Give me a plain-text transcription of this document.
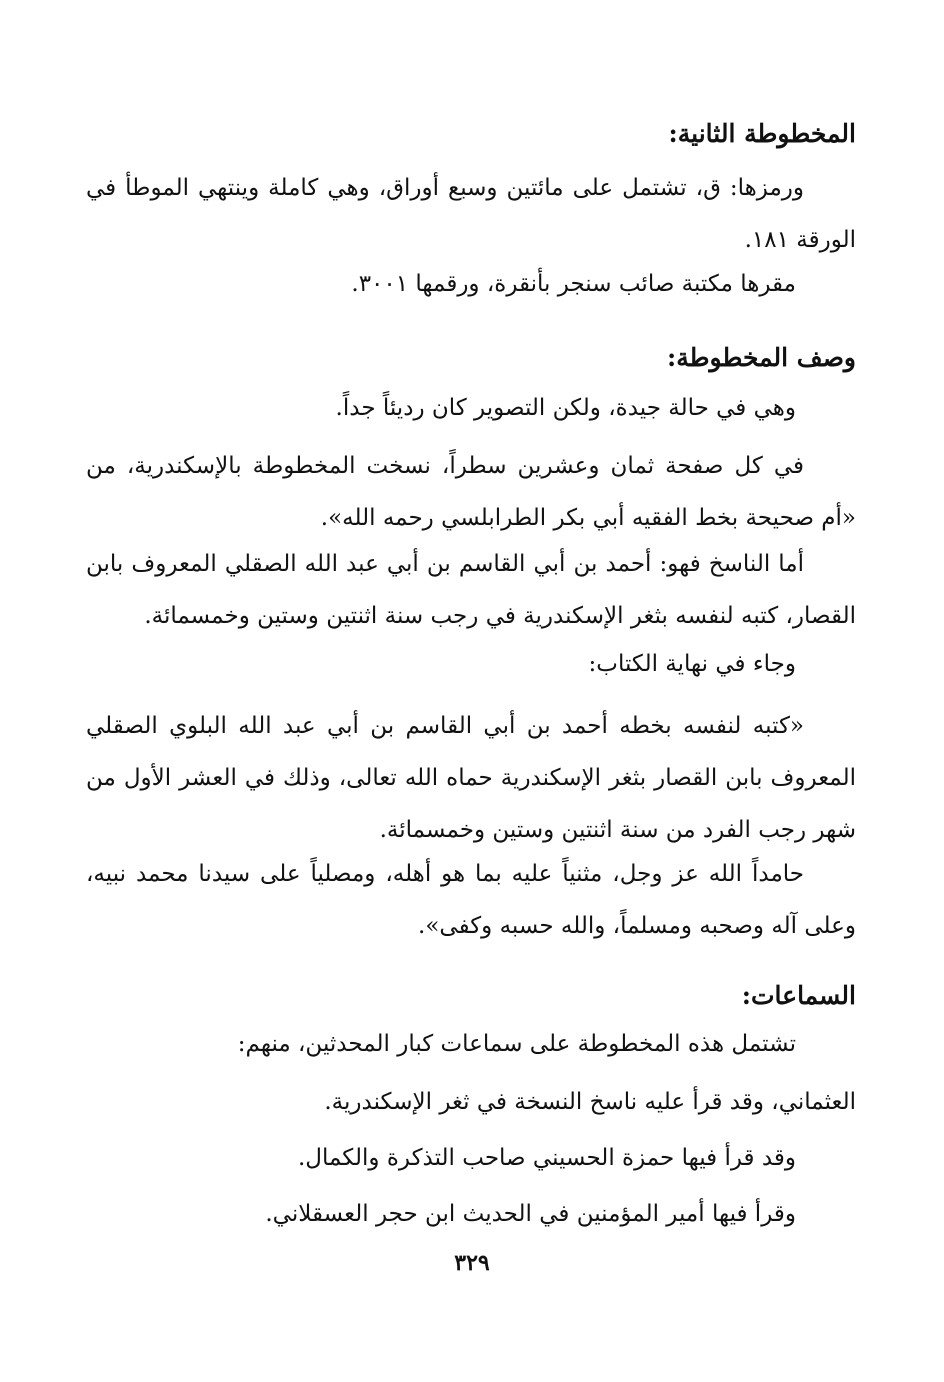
المخطوطة الثانية:

ورمزها: ق، تشتمل على مائتين وسبع أوراق، وهي كاملة وينتهي الموطأ في الورقة ١٨١.

مقرها مكتبة صائب سنجر بأنقرة، ورقمها ٣٠٠١.

وصف المخطوطة:

وهي في حالة جيدة، ولكن التصوير كان رديئاً جداً.

في كل صفحة ثمان وعشرين سطراً، نسخت المخطوطة بالإسكندرية، من «أم صحيحة بخط الفقيه أبي بكر الطرابلسي رحمه الله».

أما الناسخ فهو: أحمد بن أبي القاسم بن أبي عبد الله الصقلي المعروف بابن القصار، كتبه لنفسه بثغر الإسكندرية في رجب سنة اثنتين وستين وخمسمائة.

وجاء في نهاية الكتاب:

«كتبه لنفسه بخطه أحمد بن أبي القاسم بن أبي عبد الله البلوي الصقلي المعروف بابن القصار بثغر الإسكندرية حماه الله تعالى، وذلك في العشر الأول من شهر رجب الفرد من سنة اثنتين وستين وخمسمائة.

حامداً الله عز وجل، مثنياً عليه بما هو أهله، ومصلياً على سيدنا محمد نبيه، وعلى آله وصحبه ومسلماً، والله حسبه وكفى».

السماعات:

تشتمل هذه المخطوطة على سماعات كبار المحدثين، منهم:

العثماني، وقد قرأ عليه ناسخ النسخة في ثغر الإسكندرية.

وقد قرأ فيها حمزة الحسيني صاحب التذكرة والكمال.

وقرأ فيها أمير المؤمنين في الحديث ابن حجر العسقلاني.

٣٢٩
